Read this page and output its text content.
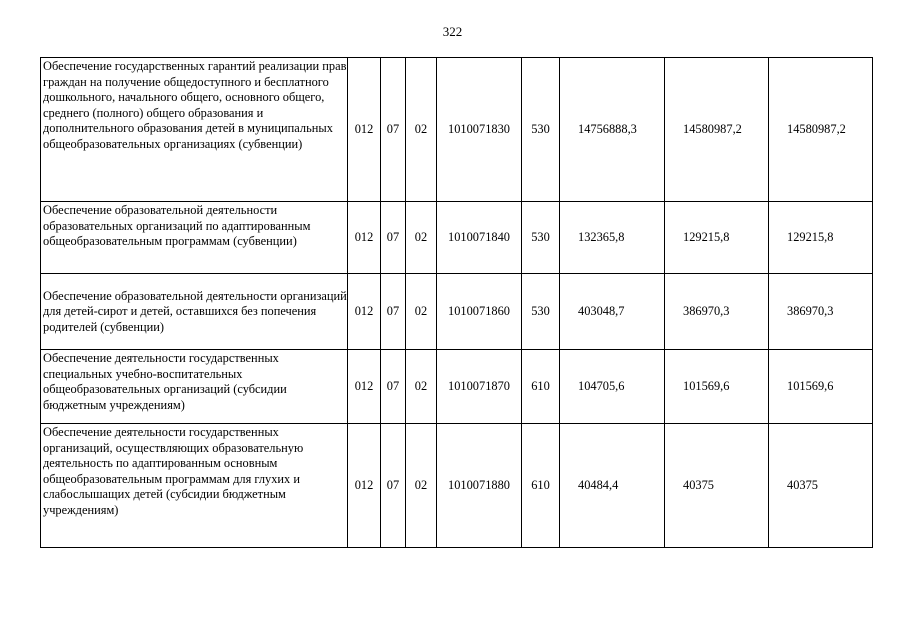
322
Обеспечение государственных гарантий реализации прав граждан на получение общедоступного и бесплатного дошкольного, начального общего, основного общего, среднего (полного) общего образования и дополнительного образования детей в муниципальных общеобразовательных организациях (субвенции)	012	07	02	1010071830	530	14756888,3	14580987,2	14580987,2
Обеспечение образовательной деятельности образовательных организаций по адаптированным общеобразовательным программам (субвенции)	012	07	02	1010071840	530	132365,8	129215,8	129215,8
Обеспечение образовательной деятельности организаций для детей-сирот и детей, оставшихся без попечения родителей (субвенции)	012	07	02	1010071860	530	403048,7	386970,3	386970,3
Обеспечение деятельности государственных специальных учебно-воспитательных общеобразовательных организаций (субсидии бюджетным учреждениям)	012	07	02	1010071870	610	104705,6	101569,6	101569,6
Обеспечение деятельности государственных организаций, осуществляющих образовательную деятельность по адаптированным основным общеобразовательным программам для глухих и слабослышащих детей (субсидии бюджетным учреждениям)	012	07	02	1010071880	610	40484,4	40375	40375
